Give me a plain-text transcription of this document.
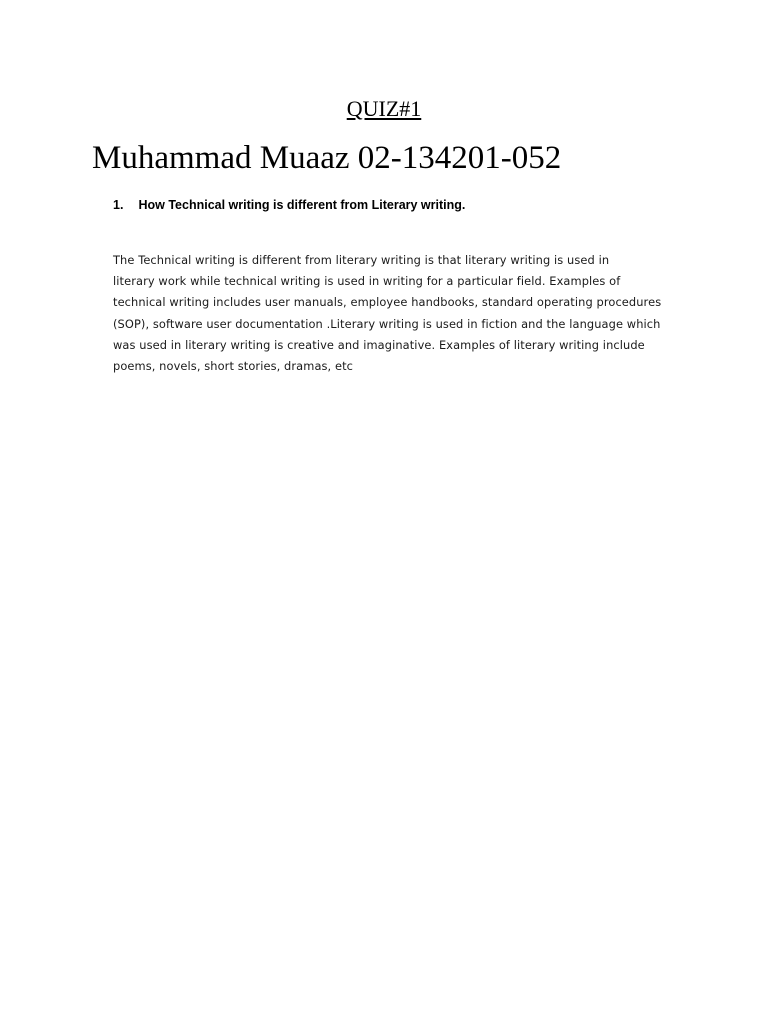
QUIZ#1
Muhammad Muaaz 02-134201-052
1. How Technical writing is different from Literary writing.
The Technical writing is different from literary writing is that literary writing is used in
literary work while technical writing is used in writing for a particular field. Examples of
technical writing includes user manuals, employee handbooks, standard operating procedures
(SOP), software user documentation .Literary writing is used in fiction and the language which
was used in literary writing is creative and imaginative. Examples of literary writing include
poems, novels, short stories, dramas, etc
